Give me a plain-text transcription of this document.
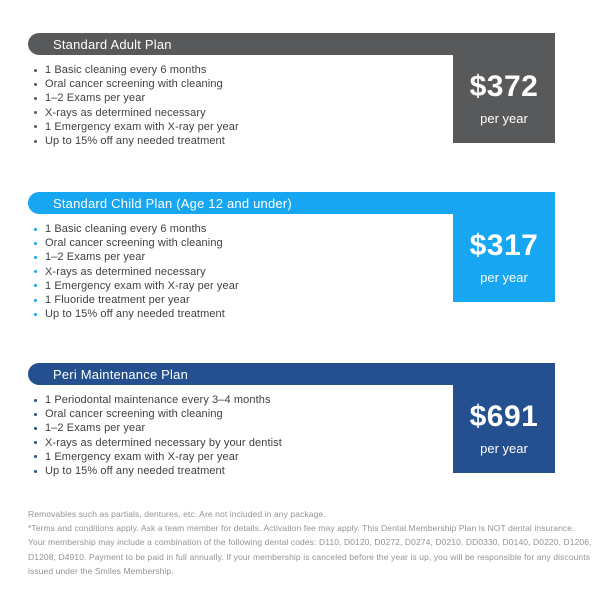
Standard Adult Plan
$372
per year
1 Basic cleaning every 6 months
Oral cancer screening with cleaning
1–2 Exams per year
X-rays as determined necessary
1 Emergency exam with X-ray per year
Up to 15% off any needed treatment
Standard Child Plan (Age 12 and under)
$317
per year
1 Basic cleaning every 6 months
Oral cancer screening with cleaning
1–2 Exams per year
X-rays as determined necessary
1 Emergency exam with X-ray per year
1 Fluoride treatment per year
Up to 15% off any needed treatment
Peri Maintenance Plan
$691
per year
1 Periodontal maintenance every 3–4 months
Oral cancer screening with cleaning
1–2 Exams per year
X-rays as determined necessary by your dentist
1 Emergency exam with X-ray per year
Up to 15% off any needed treatment
Removables such as partials, dentures, etc. Are not included in any package.
*Terms and conditions apply. Ask a team member for details. Activation fee may apply. This Dental Membership Plan is NOT dental insurance.
Your membership may include a combination of the following dental codes: D110, D0120, D0272, D0274, D0210, DD0330, D0140, D0220, D1206,
D1208, D4910. Payment to be paid in full annually. If your membership is canceled before the year is up, you will be responsible for any discounts
issued under the Smiles Membership.
